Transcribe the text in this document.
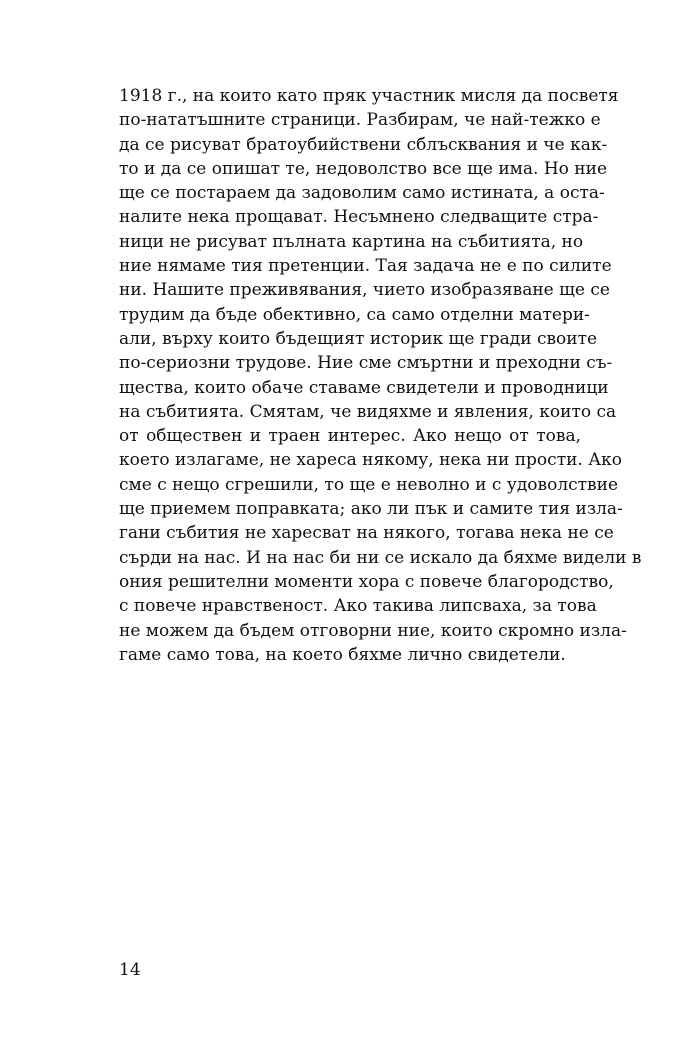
1918 г., на които като пряк участник мисля да посветя
по-нататъшните страници. Разбирам, че най-тежко е
да се рисуват братоубийствени сблъсквания и че как-
то и да се опишат те, недоволство все ще има. Но ние
ще се постараем да задоволим само истината, а оста-
налите нека прощават. Несъмнено следващите стра-
ници не рисуват пълната картина на събитията, но
ние нямаме тия претенции. Тая задача не е по силите
ни. Нашите преживявания, чието изобразяване ще се
трудим да бъде обективно, са само отделни матери-
али, върху които бъдещият историк ще гради своите
по-сериозни трудове. Ние сме смъртни и преходни съ-
щества, които обаче ставаме свидетели и проводници
на събитията. Смятам, че видяхме и явления, които са
от обществен и траен интерес. Ако нещо от това,
което излагаме, не хареса някому, нека ни прости. Ако
сме с нещо сгрешили, то ще е неволно и с удоволствие
ще приемем поправката; ако ли пък и самите тия изла-
гани събития не харесват на някого, тогава нека не се
сърди на нас. И на нас би ни се искало да бяхме видели в
ония решителни моменти хора с повече благородство,
с повече нравственост. Ако такива липсваха, за това
не можем да бъдем отговорни ние, които скромно изла-
гаме само това, на което бяхме лично свидетели.
14
